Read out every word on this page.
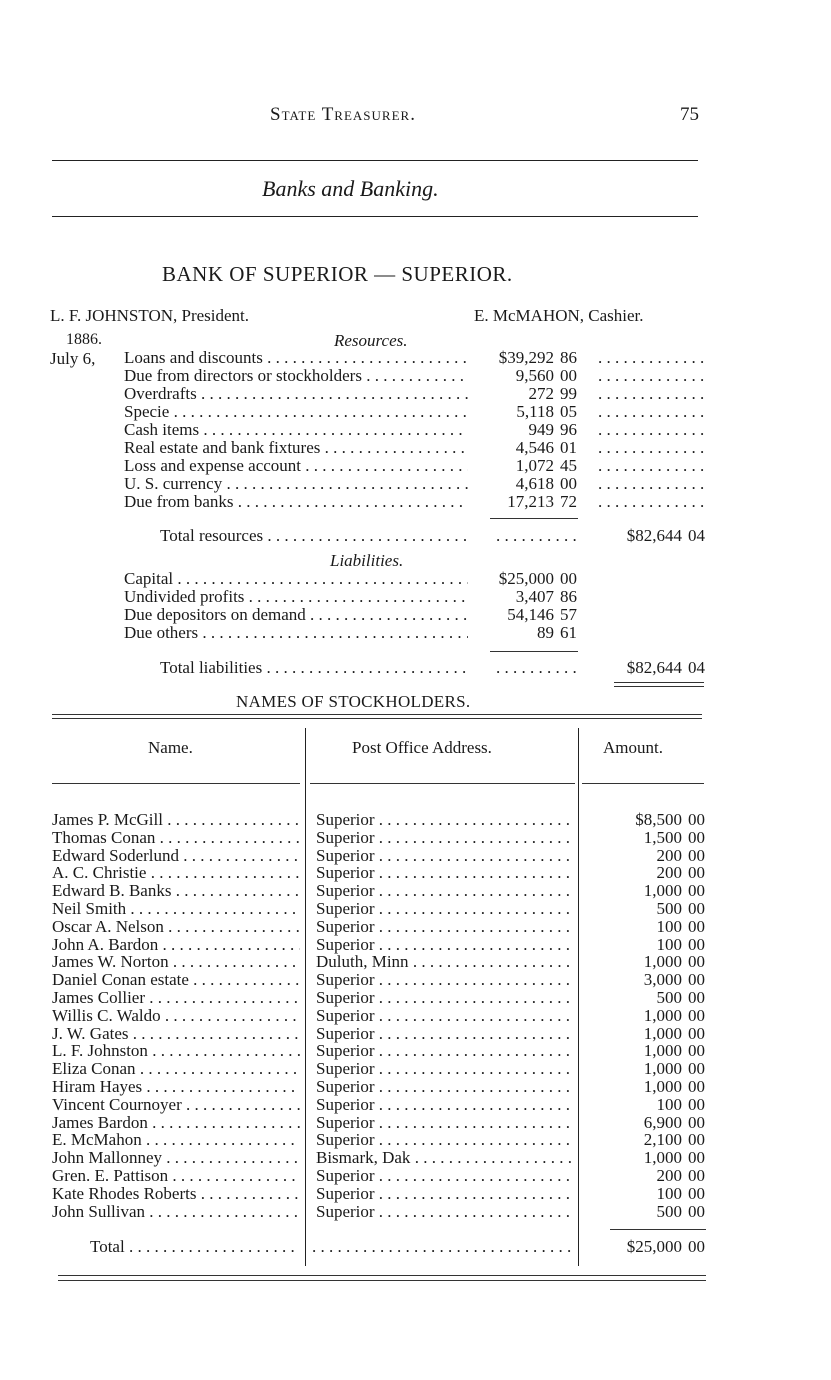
State Treasurer.	75
Banks and Banking.
BANK OF SUPERIOR — SUPERIOR.
L. F. JOHNSTON, President.	E. McMAHON, Cashier.
1886.	Resources.
July 6, Loans and discounts . . .	$39,292 86
. . .
Due from directors or stockholders . . .	9,560 00
. . .
Overdrafts . . .	272 99
. . .
Specie . . .	5,118 05
. . .
Cash items . . .	949 96
. . .
Real estate and bank fixtures . . .	4,546 01
. . .
Loss and expense account . . .	1,072 45
. . .
U. S. currency . . .	4,618 00
. . .
Due from banks . . .	17,213 72
. . .
Total resources . . . . . .	$82,644 04
Liabilities.
Capital . . .	$25,000 00
Undivided profits . . .	3,407 86
Due depositors on demand . . .	54,146 57
Due others . . .	89 61
Total liabilities . . . . . .	$82,644 04
NAMES OF STOCKHOLDERS.
Name.	Post Office Address.	Amount.
James P. McGill . . .	Superior . . .	$8,500 00
Thomas Conan . . .	Superior . . .	1,500 00
Edward Soderlund . . .	Superior . . .	200 00
A. C. Christie . . .	Superior . . .	200 00
Edward B. Banks . . .	Superior . . .	1,000 00
Neil Smith . . .	Superior . . .	500 00
Oscar A. Nelson . . .	Superior . . .	100 00
John A. Bardon . . .	Superior . . .	100 00
James W. Norton . . .	Duluth, Minn . . .	1,000 00
Daniel Conan estate . . .	Superior . . .	3,000 00
James Collier . . .	Superior . . .	500 00
Willis C. Waldo . . .	Superior . . .	1,000 00
J. W. Gates . . .	Superior . . .	1,000 00
L. F. Johnston . . .	Superior . . .	1,000 00
Eliza Conan . . .	Superior . . .	1,000 00
Hiram Hayes . . .	Superior . . .	1,000 00
Vincent Cournoyer . . .	Superior . . .	100 00
James Bardon . . .	Superior . . .	6,900 00
E. McMahon . . .	Superior . . .	2,100 00
John Mallonney . . .	Bismark, Dak . . .	1,000 00
Gren. E. Pattison . . .	Superior . . .	200 00
Kate Rhodes Roberts . . .	Superior . . .	100 00
John Sullivan . . .	Superior . . .	500 00
Total . . . . . .	$25,000 00
